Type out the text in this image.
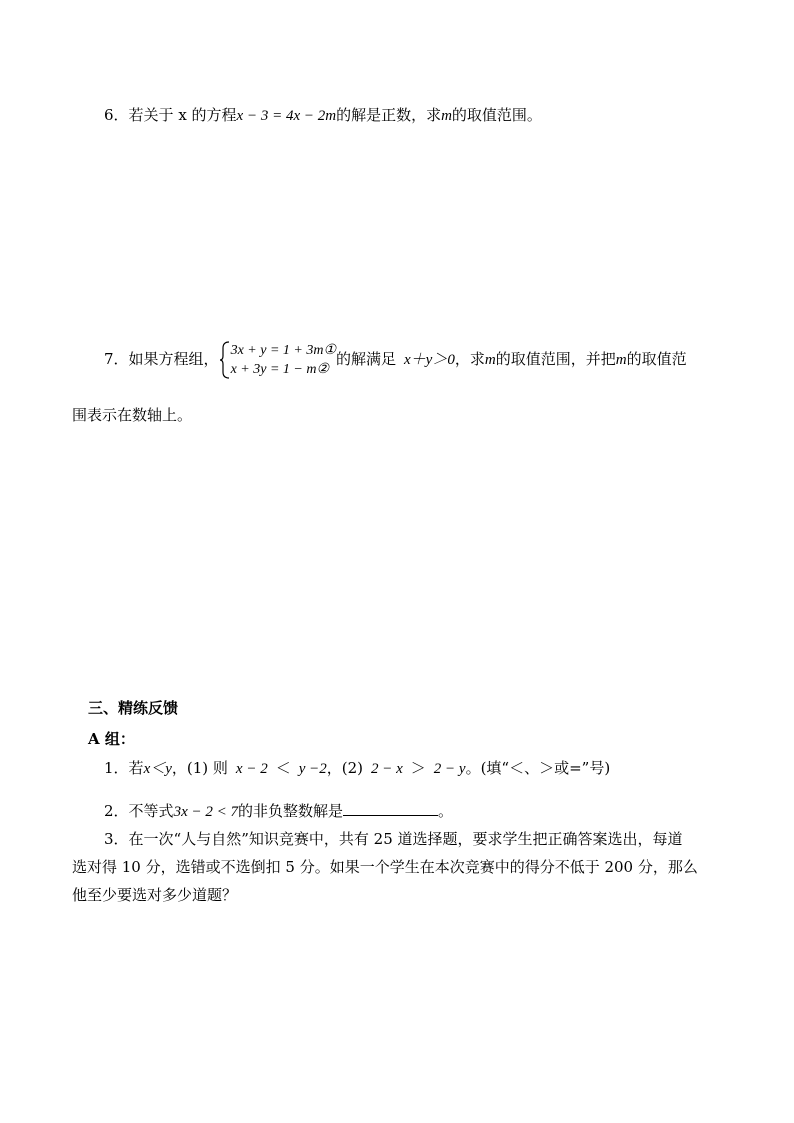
6．若关于 x 的方程x − 3 = 4x − 2m的解是正数，求m的取值范围。
7．如果方程组， 3x + y = 1 + 3m①
x + 3y = 1 − m②的解满足 x＋y＞0，求m的取值范围，并把m的取值范
围表示在数轴上。
三、精练反馈
A 组：
1．若x＜y，(1) 则 x − 2 ＜ y −2，(2) 2 − x ＞ 2 − y。(填“＜、＞或=”号)
2．不等式3x − 2 < 7的非负整数解是	。
3．在一次“人与自然”知识竞赛中，共有 25 道选择题，要求学生把正确答案选出，每道
选对得 10 分，选错或不选倒扣 5 分。如果一个学生在本次竞赛中的得分不低于 200 分，那么
他至少要选对多少道题？
